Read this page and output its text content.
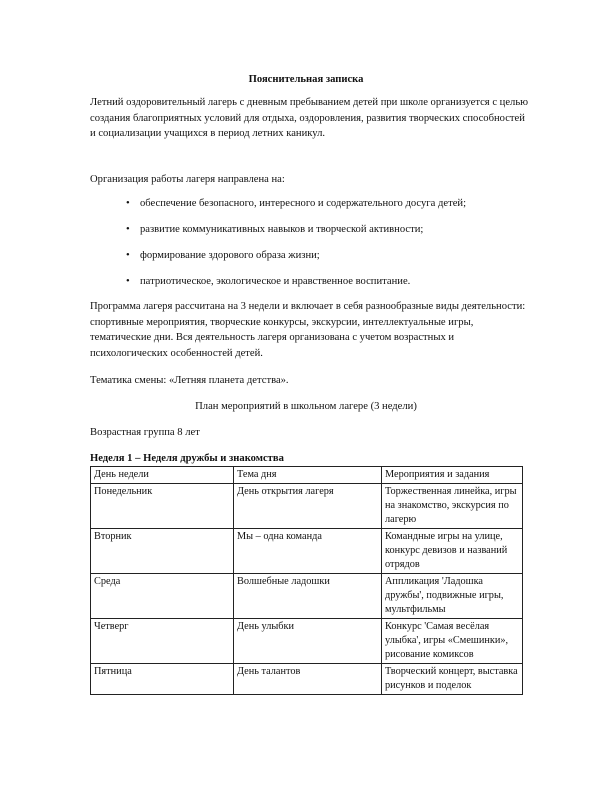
Пояснительная записка

Летний оздоровительный лагерь с дневным пребыванием детей при школе организуется с целью создания благоприятных условий для отдыха, оздоровления, развития творческих способностей и социализации учащихся в период летних каникул.

Организация работы лагеря направлена на:

• обеспечение безопасного, интересного и содержательного досуга детей;
• развитие коммуникативных навыков и творческой активности;
• формирование здорового образа жизни;
• патриотическое, экологическое и нравственное воспитание.

Программа лагеря рассчитана на 3 недели и включает в себя разнообразные виды деятельности: спортивные мероприятия, творческие конкурсы, экскурсии, интеллектуальные игры, тематические дни. Вся деятельность лагеря организована с учетом возрастных и психологических особенностей детей.

Тематика смены: «Летняя планета детства».

План мероприятий в школьном лагере (3 недели)
Возрастная группа 8 лет
Неделя 1 – Неделя дружбы и знакомства
День недели	Тема дня	Мероприятия и задания
Понедельник	День открытия лагеря	Торжественная линейка, игры на знакомство, экскурсия по лагерю
Вторник	Мы – одна команда	Командные игры на улице, конкурс девизов и названий отрядов
Среда	Волшебные ладошки	Аппликация 'Ладошка дружбы', подвижные игры, мультфильмы
Четверг	День улыбки	Конкурс 'Самая весёлая улыбка', игры «Смешинки», рисование комиксов
Пятница	День талантов	Творческий концерт, выставка рисунков и поделок
